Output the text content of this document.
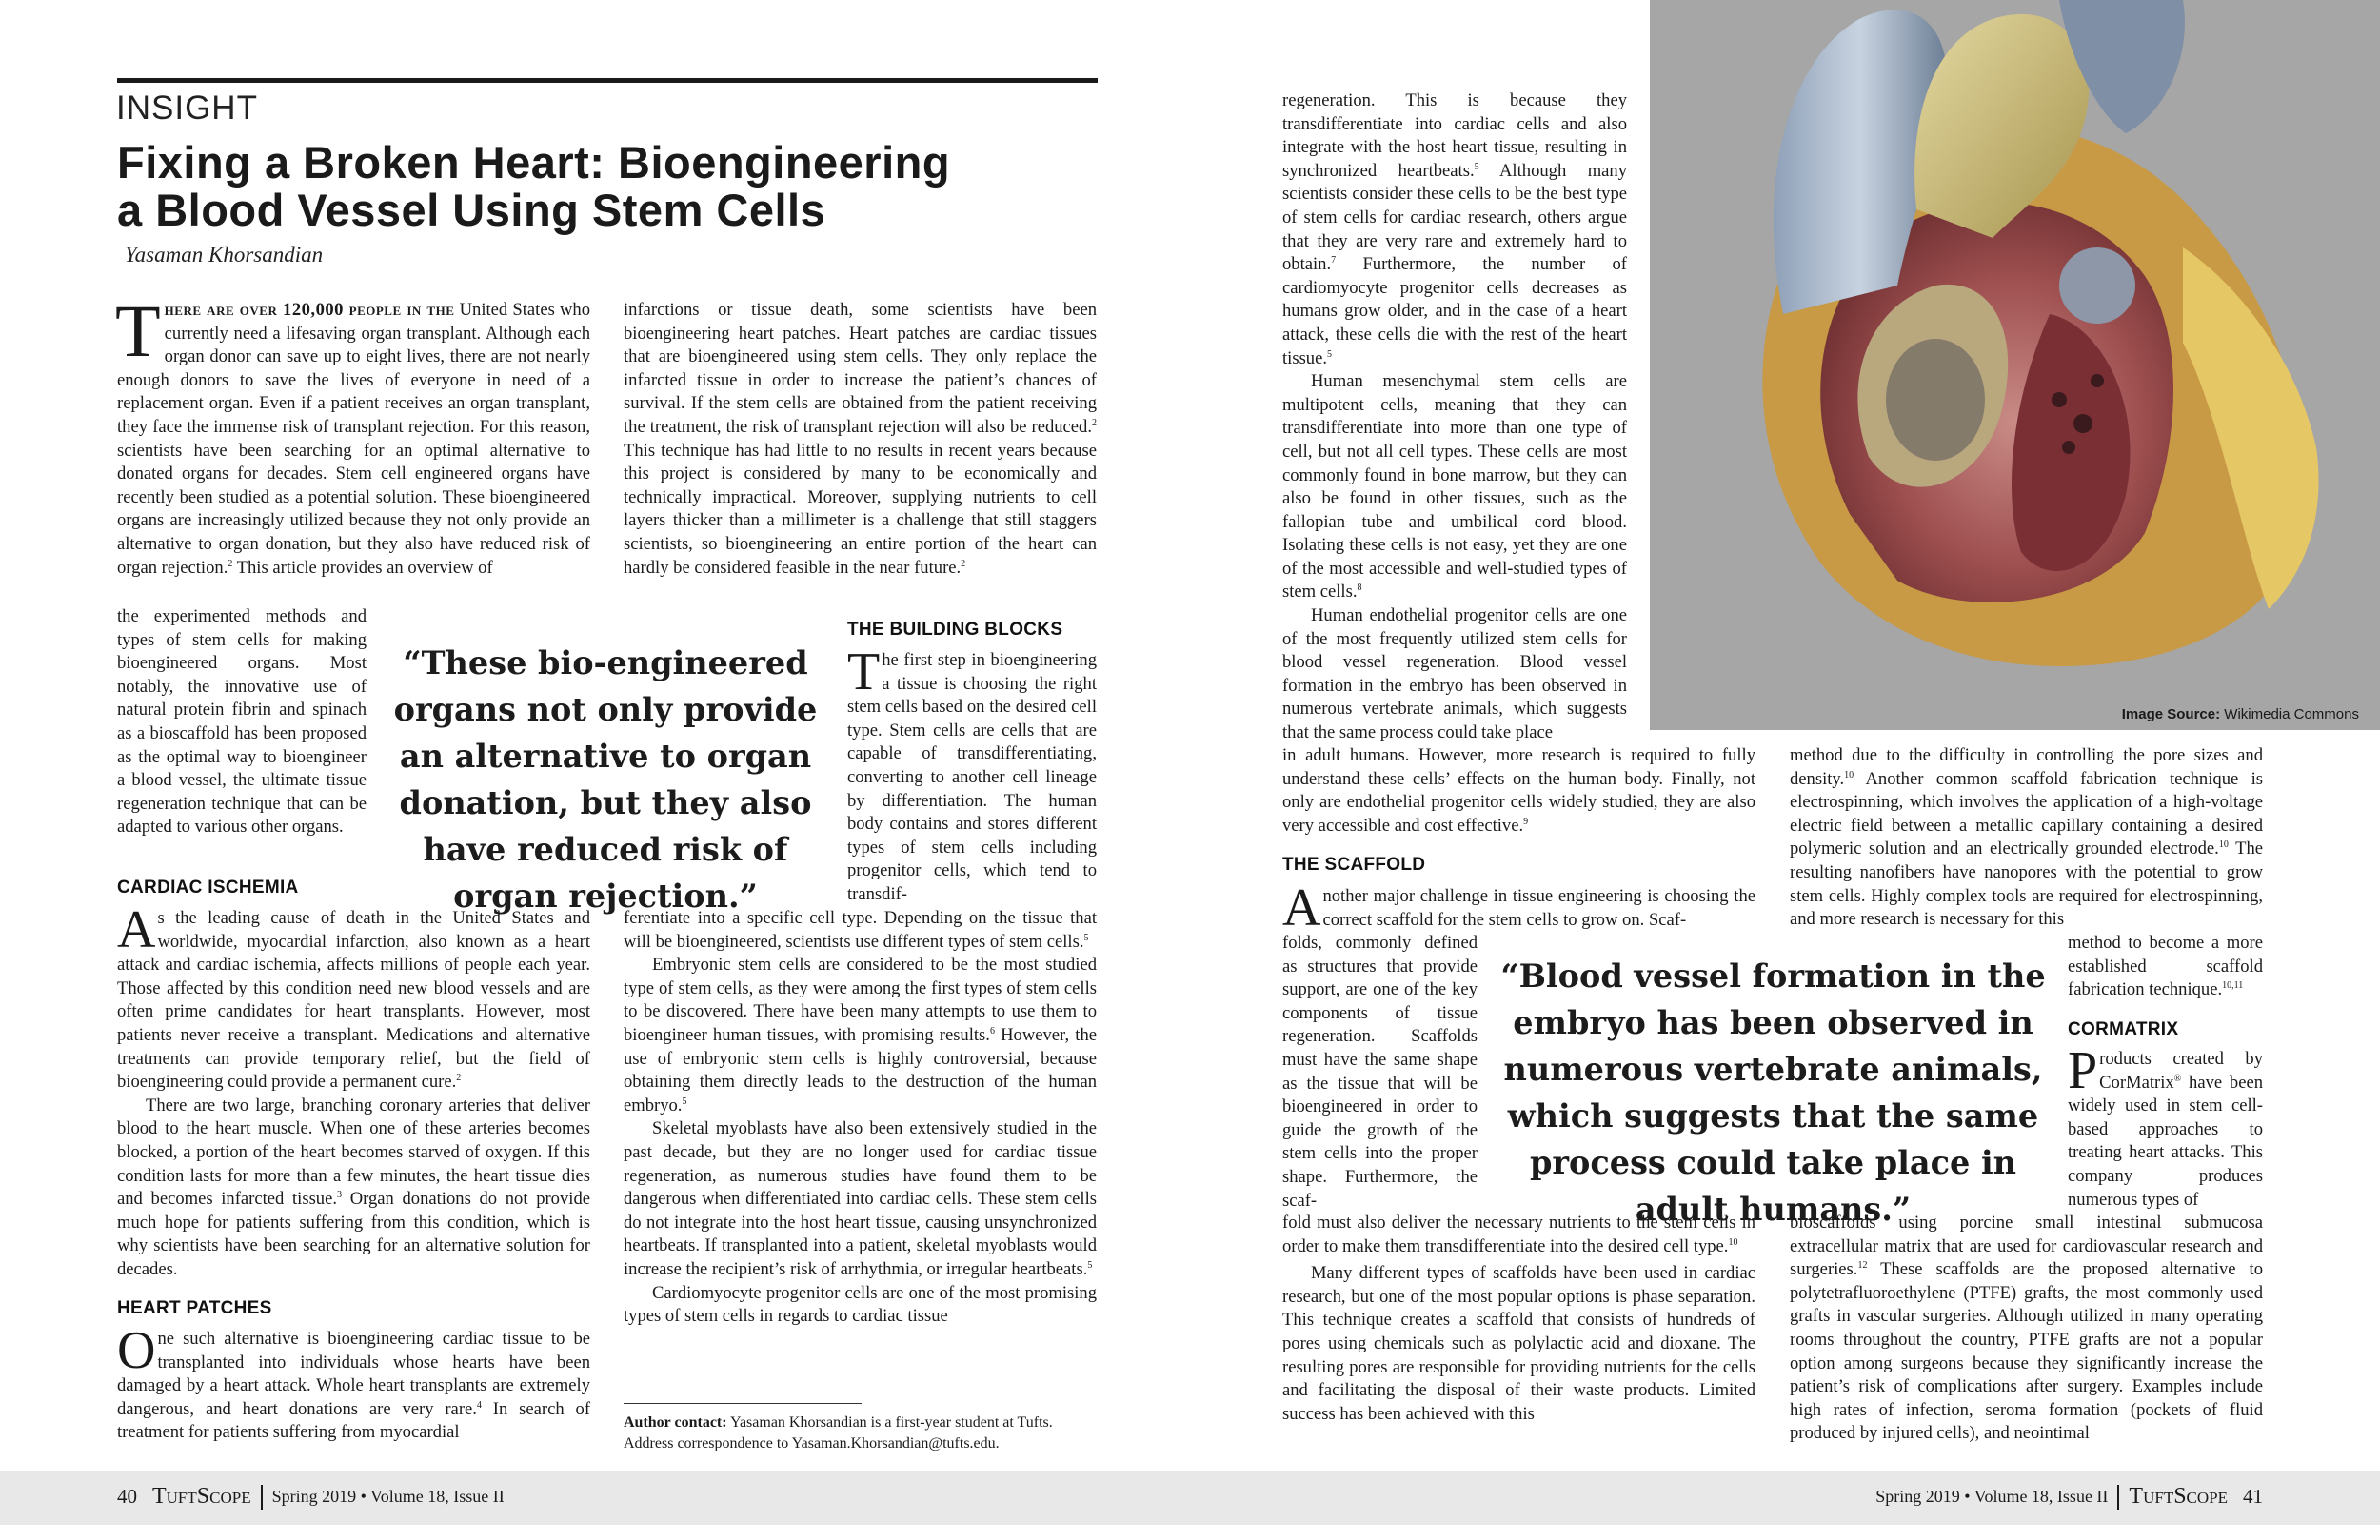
INSIGHT
Fixing a Broken Heart: Bioengineering
a Blood Vessel Using Stem Cells
Yasaman Khorsandian

There are over 120,000 people in the United States who currently need a lifesaving organ transplant. Although each organ donor can save up to eight lives, there are not nearly enough donors to save the lives of everyone in need of a replacement organ. Even if a patient receives an organ transplant, they face the immense risk of transplant rejection. For this reason, scientists have been searching for an optimal alternative to donated organs for decades. Stem cell engineered organs have recently been studied as a potential solution. These bioengineered organs are increasingly utilized because they not only provide an alternative to organ donation, but they also have reduced risk of organ rejection.$^2$ This article provides an overview of

the experimented methods and types of stem cells for making bioengineered organs. Most notably, the innovative use of natural protein fibrin and spinach as a bioscaffold has been proposed as the optimal way to bioengineer a blood vessel, the ultimate tissue regeneration technique that can be adapted to various other organs.

CARDIAC ISCHEMIA

As the leading cause of death in the United States and worldwide, myocardial infarction, also known as a heart attack and cardiac ischemia, affects millions of people each year. Those affected by this condition need new blood vessels and are often prime candidates for heart transplants. However, most patients never receive a transplant. Medications and alternative treatments can provide temporary relief, but the field of bioengineering could provide a permanent cure.$^2$

There are two large, branching coronary arteries that deliver blood to the heart muscle. When one of these arteries becomes blocked, a portion of the heart becomes starved of oxygen. If this condition lasts for more than a few minutes, the heart tissue dies and becomes infarcted tissue.$^3$ Organ donations do not provide much hope for patients suffering from this condition, which is why scientists have been searching for an alternative solution for decades.

HEART PATCHES

One such alternative is bioengineering cardiac tissue to be transplanted into individuals whose hearts have been damaged by a heart attack. Whole heart transplants are extremely dangerous, and heart donations are very rare.$^4$ In search of treatment for patients suffering from myocardial

infarctions or tissue death, some scientists have been bioengineering heart patches. Heart patches are cardiac tissues that are bioengineered using stem cells. They only replace the infarcted tissue in order to increase the patient’s chances of survival. If the stem cells are obtained from the patient receiving the treatment, the risk of transplant rejection will also be reduced.$^2$ This technique has had little to no results in recent years because this project is considered by many to be economically and technically impractical. Moreover, supplying nutrients to cell layers thicker than a millimeter is a challenge that still staggers scientists, so bioengineering an entire portion of the heart can hardly be considered feasible in the near future.$^2$

THE BUILDING BLOCKS

The first step in bioengineering a tissue is choosing the right stem cells based on the desired cell type. Stem cells are cells that are capable of transdifferentiating, converting to another cell lineage by differentiation. The human body contains and stores different types of stem cells including progenitor cells, which tend to transdif-

ferentiate into a specific cell type. Depending on the tissue that will be bioengineered, scientists use different types of stem cells.$^5$

Embryonic stem cells are considered to be the most studied type of stem cells, as they were among the first types of stem cells to be discovered. There have been many attempts to use them to bioengineer human tissues, with promising results.$^6$ However, the use of embryonic stem cells is highly controversial, because obtaining them directly leads to the destruction of the human embryo.$^5$

Skeletal myoblasts have also been extensively studied in the past decade, but they are no longer used for cardiac tissue regeneration, as numerous studies have found them to be dangerous when differentiated into cardiac cells. These stem cells do not integrate into the host heart tissue, causing unsynchronized heartbeats. If transplanted into a patient, skeletal myoblasts would increase the recipient’s risk of arrhythmia, or irregular heartbeats.$^5$

Cardiomyocyte progenitor cells are one of the most promising types of stem cells in regards to cardiac tissue

Author contact: Yasaman Khorsandian is a first-year student at Tufts. Address correspondence to Yasaman.Khorsandian@tufts.edu.
“These bio-engineered organs not only provide an alternative to organ donation, but they also have reduced risk of organ rejection.”
Image Source: Wikimedia Commons

regeneration. This is because they transdifferentiate into cardiac cells and also integrate with the host heart tissue, resulting in synchronized heartbeats.$^5$ Although many scientists consider these cells to be the best type of stem cells for cardiac research, others argue that they are very rare and extremely hard to obtain.$^7$ Furthermore, the number of cardiomyocyte progenitor cells decreases as humans grow older, and in the case of a heart attack, these cells die with the rest of the heart tissue.$^5$

Human mesenchymal stem cells are multipotent cells, meaning that they can transdifferentiate into more than one type of cell, but not all cell types. These cells are most commonly found in bone marrow, but they can also be found in other tissues, such as the fallopian tube and umbilical cord blood. Isolating these cells is not easy, yet they are one of the most accessible and well-studied types of stem cells.$^8$

Human endothelial progenitor cells are one of the most frequently utilized stem cells for blood vessel regeneration. Blood vessel formation in the embryo has been observed in numerous vertebrate animals, which suggests that the same process could take place

in adult humans. However, more research is required to fully understand these cells’ effects on the human body. Finally, not only are endothelial progenitor cells widely studied, they are also very accessible and cost effective.$^9$

THE SCAFFOLD

Another major challenge in tissue engineering is choosing the correct scaffold for the stem cells to grow on. Scaf-

folds, commonly defined as structures that provide support, are one of the key components of tissue regeneration. Scaffolds must have the same shape as the tissue that will be bioengineered in order to guide the growth of the stem cells into the proper shape. Furthermore, the scaf-

fold must also deliver the necessary nutrients to the stem cells in order to make them transdifferentiate into the desired cell type.$^{10}$

Many different types of scaffolds have been used in cardiac research, but one of the most popular options is phase separation. This technique creates a scaffold that consists of hundreds of pores using chemicals such as polylactic acid and dioxane. The resulting pores are responsible for providing nutrients for the cells and facilitating the disposal of their waste products. Limited success has been achieved with this

“Blood vessel formation in the embryo has been observed in numerous vertebrate animals, which suggests that the same process could take place in adult humans.”

method due to the difficulty in controlling the pore sizes and density.$^{10}$ Another common scaffold fabrication technique is electrospinning, which involves the application of a high-voltage electric field between a metallic capillary containing a desired polymeric solution and an electrically grounded electrode.$^{10}$ The resulting nanofibers have nanopores with the potential to grow stem cells. Highly complex tools are required for electrospinning, and more research is necessary for this

method to become a more established scaffold fabrication technique.$^{10,11}$

CORMATRIX

Products created by CorMatrix® have been widely used in stem cell-based approaches to treating heart attacks. This company produces numerous types of

bioscaffolds using porcine small intestinal submucosa extracellular matrix that are used for cardiovascular research and surgeries.$^{12}$ These scaffolds are the proposed alternative to polytetrafluoroethylene (PTFE) grafts, the most commonly used grafts in vascular surgeries. Although utilized in many operating rooms throughout the country, PTFE grafts are not a popular option among surgeons because they significantly increase the patient’s risk of complications after surgery. Examples include high rates of infection, seroma formation (pockets of fluid produced by injured cells), and neointimal

40 TuftScope Spring 2019 • Volume 18, Issue II	Spring 2019 • Volume 18, Issue II TuftScope 41
